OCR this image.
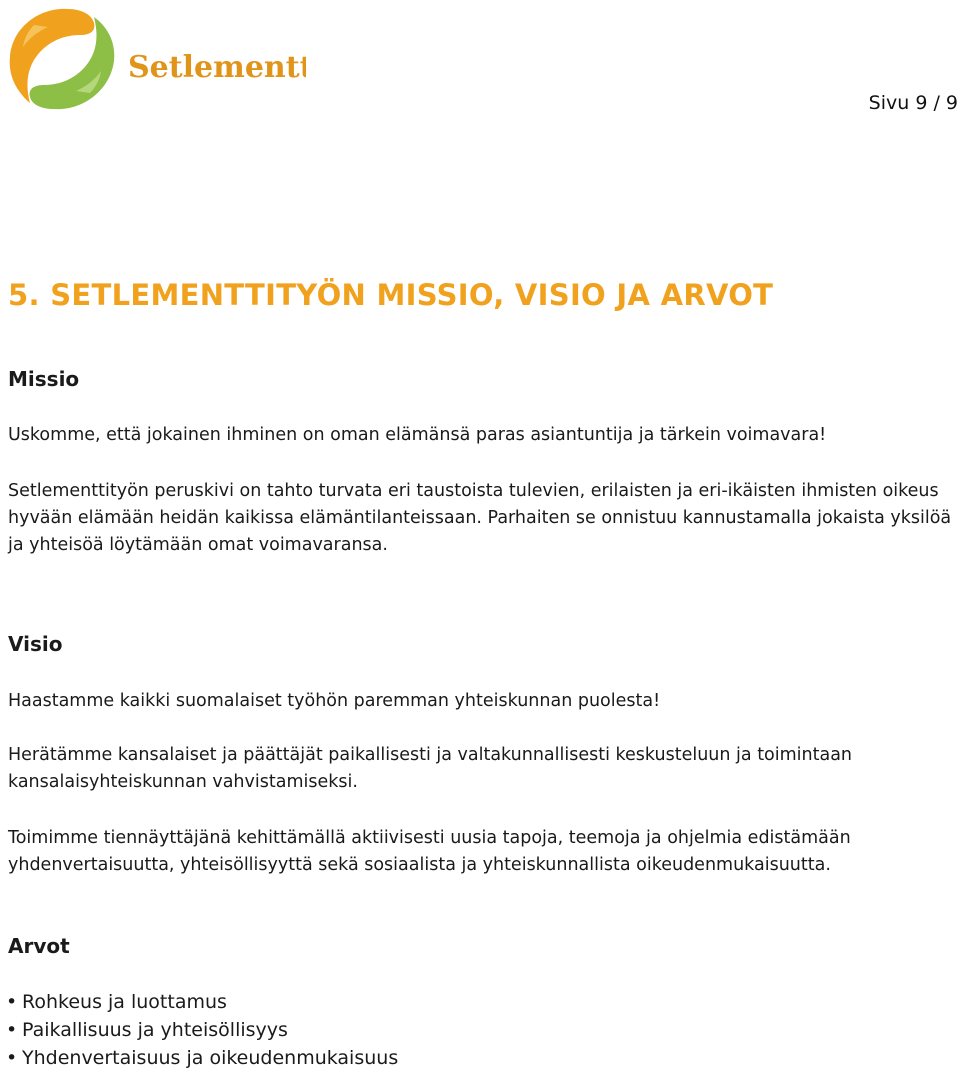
Setlementti
Sivu 9 / 9
5. SETLEMENTTITYÖN MISSIO, VISIO JA ARVOT
Missio

Uskomme, että jokainen ihminen on oman elämänsä paras asiantuntija ja tärkein voimavara!

Setlementtityön peruskivi on tahto turvata eri taustoista tulevien, erilaisten ja eri-ikäisten ihmisten oikeus hyvään elämään heidän kaikissa elämäntilanteissaan. Parhaiten se onnistuu kannustamalla jokaista yksilöä ja yhteisöä löytämään omat voimavaransa.

Visio

Haastamme kaikki suomalaiset työhön paremman yhteiskunnan puolesta!

Herätämme kansalaiset ja päättäjät paikallisesti ja valtakunnallisesti keskusteluun ja toimintaan kansalaisyhteiskunnan vahvistamiseksi.

Toimimme tiennäyttäjänä kehittämällä aktiivisesti uusia tapoja, teemoja ja ohjelmia edistämään yhdenvertaisuutta, yhteisöllisyyttä sekä sosiaalista ja yhteiskunnallista oikeudenmukaisuutta.

Arvot
• Rohkeus ja luottamus
• Paikallisuus ja yhteisöllisyys
• Yhdenvertaisuus ja oikeudenmukaisuus
